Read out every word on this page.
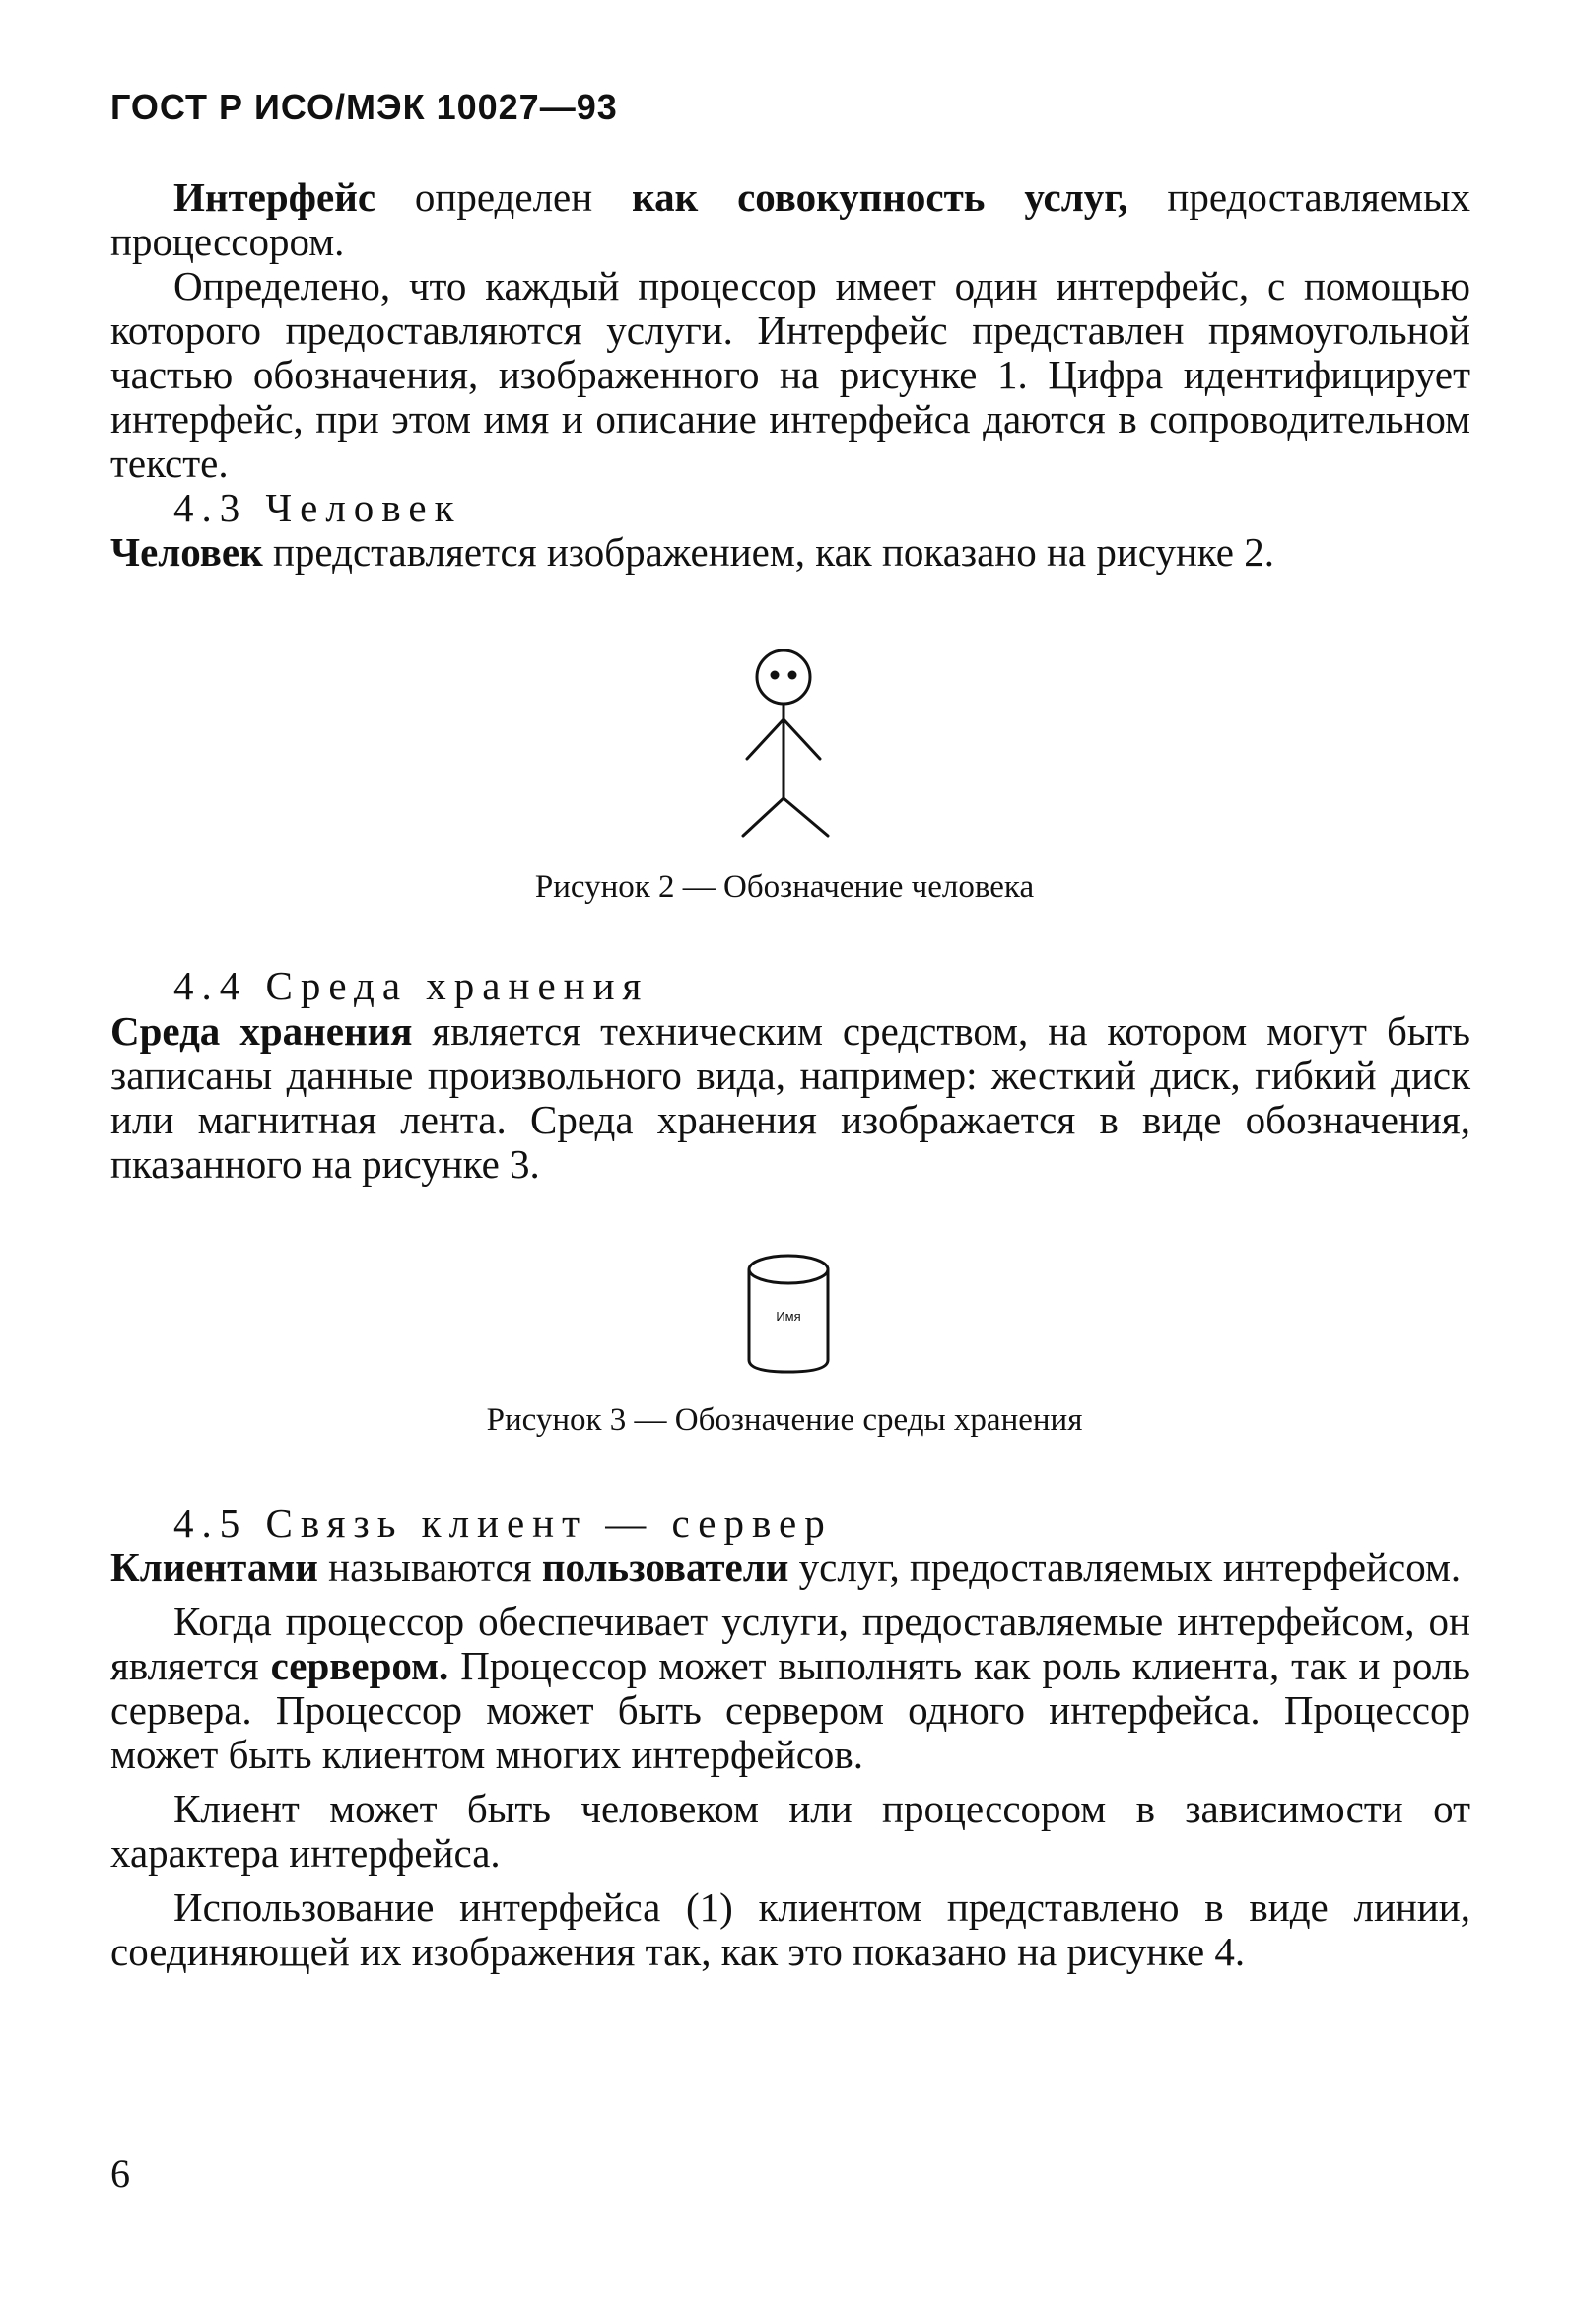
ГОСТ Р ИСО/МЭК 10027—93

Интерфейс определен как совокупность услуг, предоставляемых процессором.

Определено, что каждый процессор имеет один интерфейс, с помощью которого предоставляются услуги. Интерфейс представлен прямоугольной частью обозначения, изображенного на рисунке 1. Цифра идентифицирует интерфейс, при этом имя и описание интерфейса даются в сопроводительном тексте.

4.3 Человек

Человек представляется изображением, как показано на рисунке 2.

Рисунок 2 — Обозначение человека
4.4 Среда хранения

Среда хранения является техническим средством, на котором могут быть записаны данные произвольного вида, например: жесткий диск, гибкий диск или магнитная лента. Среда хранения изображается в виде обозначения, пказанного на рисунке 3.

Имя
Рисунок 3 — Обозначение среды хранения
4.5 Связь клиент — сервер

Клиентами называются пользователи услуг, предоставляемых интерфейсом.

Когда процессор обеспечивает услуги, предоставляемые интерфейсом, он является сервером. Процессор может выполнять как роль клиента, так и роль сервера. Процессор может быть сервером одного интерфейса. Процессор может быть клиентом многих интерфейсов.

Клиент может быть человеком или процессором в зависимости от характера интерфейса.

Использование интерфейса (1) клиентом представлено в виде линии, соединяющей их изображения так, как это показано на рисунке 4.

6
